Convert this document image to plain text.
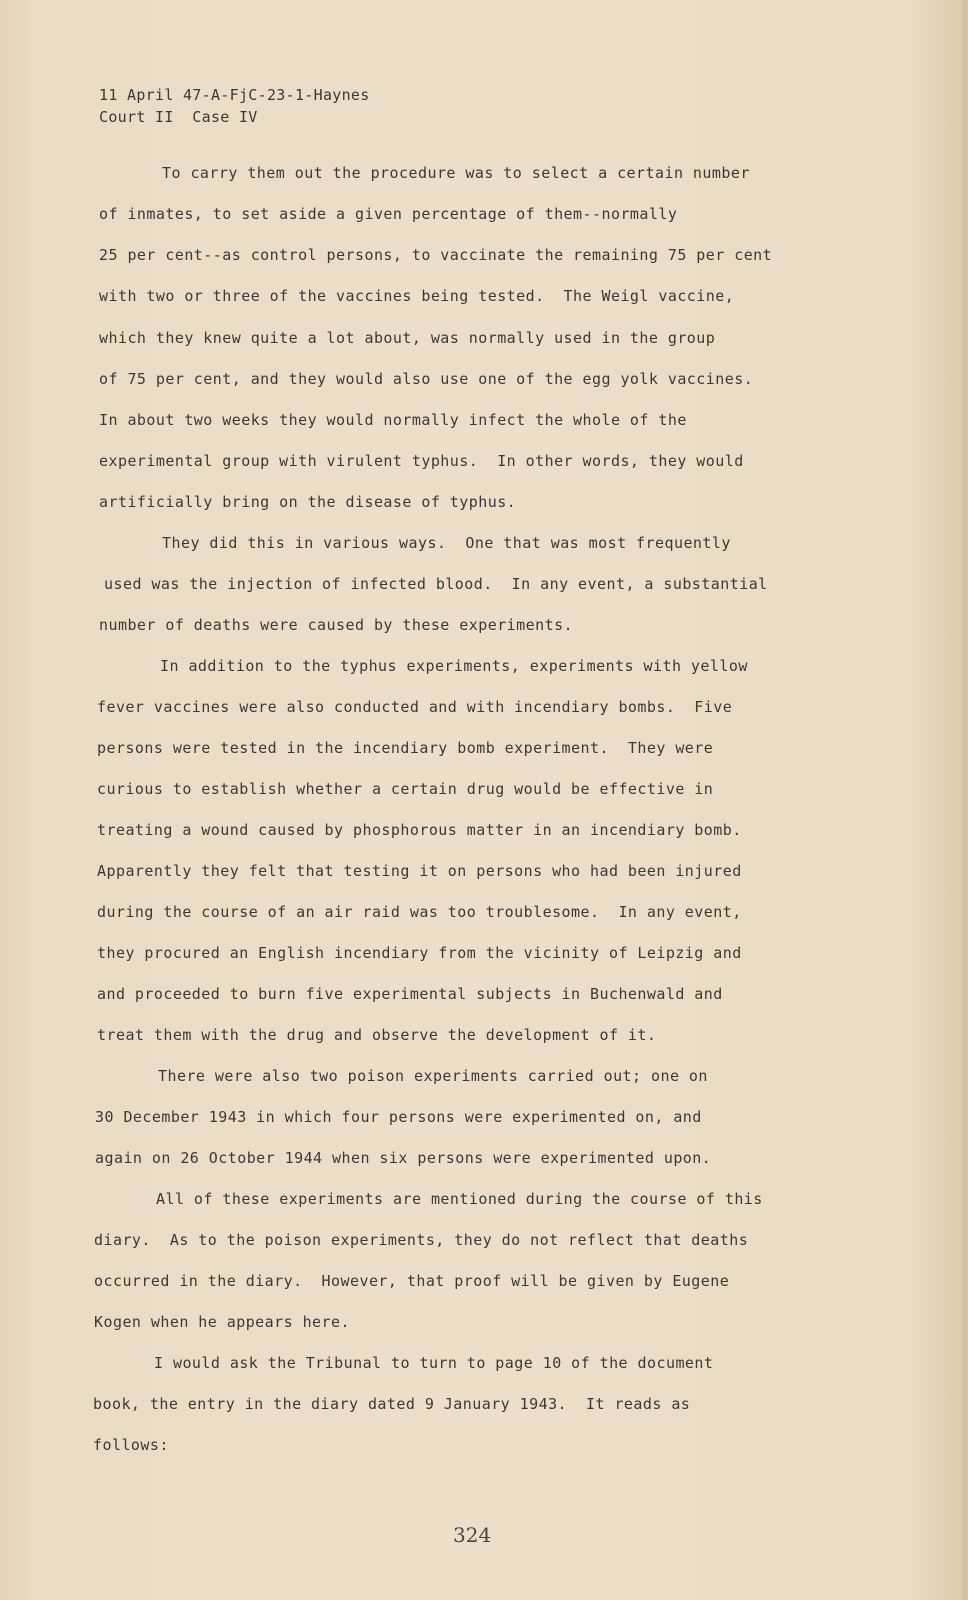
11 April 47-A-FjC-23-1-Haynes
Court II  Case IV
To carry them out the procedure was to select a certain number
of inmates, to set aside a given percentage of them--normally
25 per cent--as control persons, to vaccinate the remaining 75 per cent
with two or three of the vaccines being tested.  The Weigl vaccine,
which they knew quite a lot about, was normally used in the group
of 75 per cent, and they would also use one of the egg yolk vaccines.
In about two weeks they would normally infect the whole of the
experimental group with virulent typhus.  In other words, they would
artificially bring on the disease of typhus.
They did this in various ways.  One that was most frequently
used was the injection of infected blood.  In any event, a substantial
number of deaths were caused by these experiments.
In addition to the typhus experiments, experiments with yellow
fever vaccines were also conducted and with incendiary bombs.  Five
persons were tested in the incendiary bomb experiment.  They were
curious to establish whether a certain drug would be effective in
treating a wound caused by phosphorous matter in an incendiary bomb.
Apparently they felt that testing it on persons who had been injured
during the course of an air raid was too troublesome.  In any event,
they procured an English incendiary from the vicinity of Leipzig and
and proceeded to burn five experimental subjects in Buchenwald and
treat them with the drug and observe the development of it.
There were also two poison experiments carried out; one on
30 December 1943 in which four persons were experimented on, and
again on 26 October 1944 when six persons were experimented upon.
All of these experiments are mentioned during the course of this
diary.  As to the poison experiments, they do not reflect that deaths
occurred in the diary.  However, that proof will be given by Eugene
Kogen when he appears here.
I would ask the Tribunal to turn to page 10 of the document
book, the entry in the diary dated 9 January 1943.  It reads as
follows:
324
